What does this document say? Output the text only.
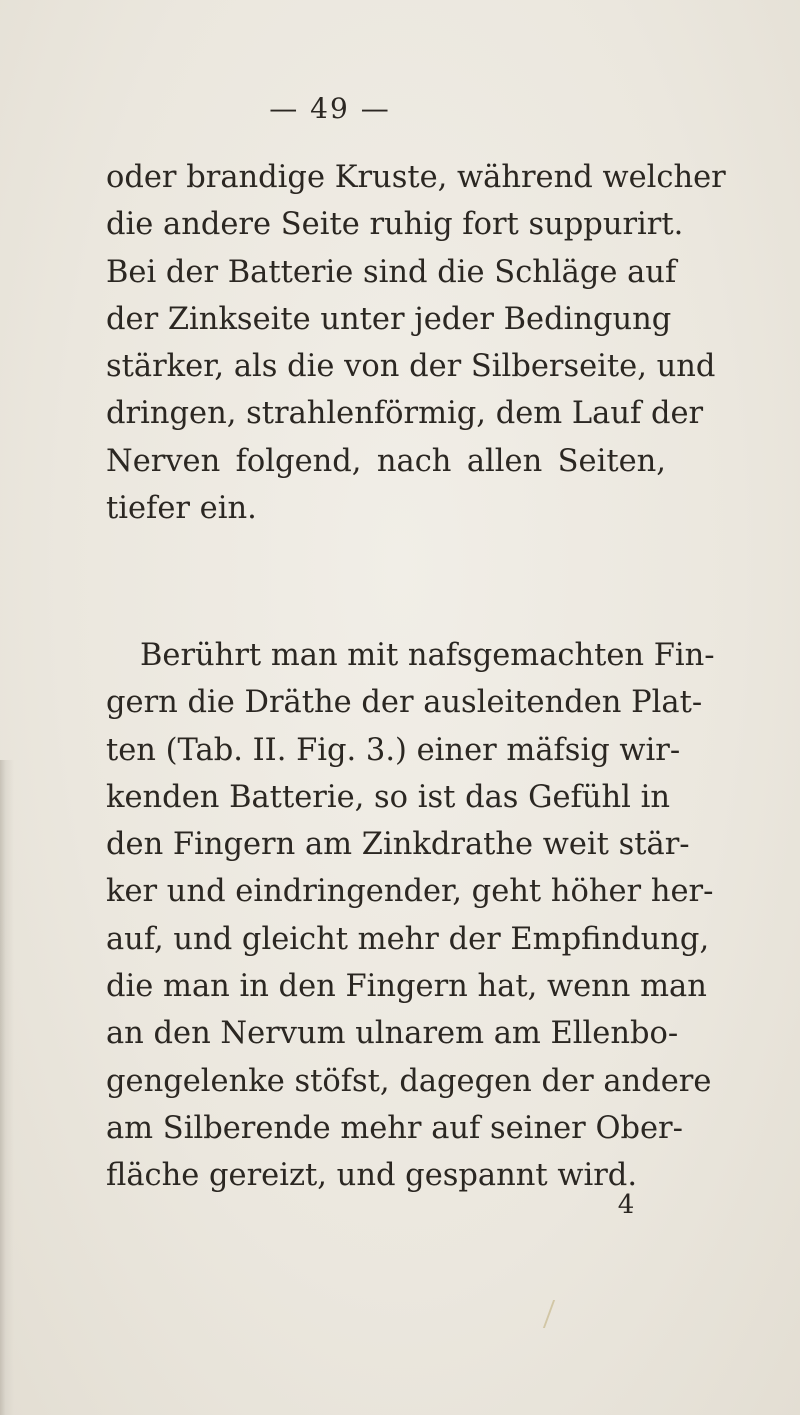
— 49 —
oder brandige Kruste, während welcher
die andere Seite ruhig fort suppurirt.
Bei der Batterie sind die Schläge auf
der Zinkseite unter jeder Bedingung
stärker, als die von der Silberseite, und
dringen, strahlenförmig, dem Lauf der
Nerven folgend, nach allen Seiten,
tiefer ein.
Berührt man mit nafsgemachten Fin-
gern die Dräthe der ausleitenden Plat-
ten (Tab. II. Fig. 3.) einer mäfsig wir-
kenden Batterie, so ist das Gefühl in
den Fingern am Zinkdrathe weit stär-
ker und eindringender, geht höher her-
auf, und gleicht mehr der Empfindung,
die man in den Fingern hat, wenn man
an den Nervum ulnarem am Ellenbo-
gengelenke stöfst, dagegen der andere
am Silberende mehr auf seiner Ober-
fläche gereizt, und gespannt wird.
4
